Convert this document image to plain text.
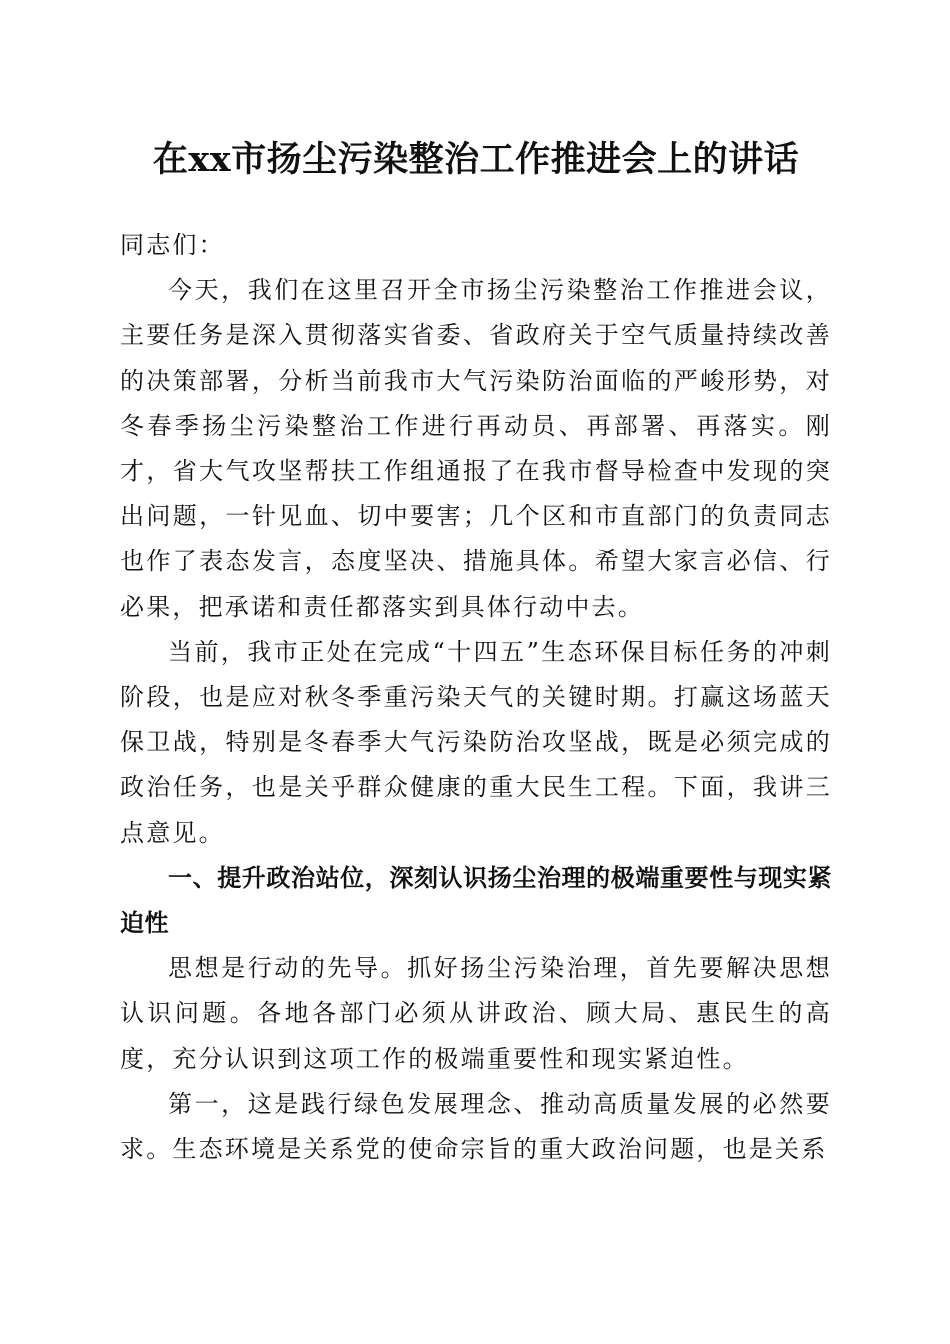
在xx市扬尘污染整治工作推进会上的讲话

同志们：

今天，我们在这里召开全市扬尘污染整治工作推进会议，主要任务是深入贯彻落实省委、省政府关于空气质量持续改善的决策部署，分析当前我市大气污染防治面临的严峻形势，对冬春季扬尘污染整治工作进行再动员、再部署、再落实。刚才，省大气攻坚帮扶工作组通报了在我市督导检查中发现的突出问题，一针见血、切中要害；几个区和市直部门的负责同志也作了表态发言，态度坚决、措施具体。希望大家言必信、行必果，把承诺和责任都落实到具体行动中去。

当前，我市正处在完成“十四五”生态环保目标任务的冲刺阶段，也是应对秋冬季重污染天气的关键时期。打赢这场蓝天保卫战，特别是冬春季大气污染防治攻坚战，既是必须完成的政治任务，也是关乎群众健康的重大民生工程。下面，我讲三点意见。

一、提升政治站位，深刻认识扬尘治理的极端重要性与现实紧迫性

思想是行动的先导。抓好扬尘污染治理，首先要解决思想认识问题。各地各部门必须从讲政治、顾大局、惠民生的高度，充分认识到这项工作的极端重要性和现实紧迫性。

第一，这是践行绿色发展理念、推动高质量发展的必然要求。生态环境是关系党的使命宗旨的重大政治问题，也是关系
